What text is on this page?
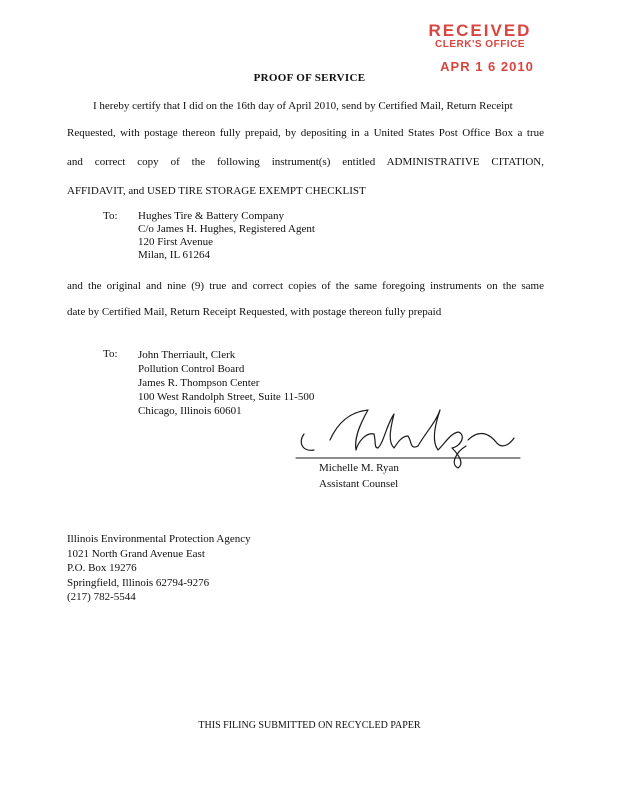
RECEIVED
CLERK'S OFFICE
APR 1 6 2010
PROOF OF SERVICE
I hereby certify that I did on the 16th day of April 2010, send by Certified Mail, Return Receipt
Requested, with postage thereon fully prepaid, by depositing in a United States Post Office Box a true
and correct copy of the following instrument(s) entitled ADMINISTRATIVE CITATION,
AFFIDAVIT, and USED TIRE STORAGE EXEMPT CHECKLIST
To: Hughes Tire & Battery Company
C/o James H. Hughes, Registered Agent
120 First Avenue
Milan, IL 61264
and the original and nine (9) true and correct copies of the same foregoing instruments on the same
date by Certified Mail, Return Receipt Requested, with postage thereon fully prepaid
To: John Therriault, Clerk
Pollution Control Board
James R. Thompson Center
100 West Randolph Street, Suite 11-500
Chicago, Illinois 60601
Michelle M. Ryan
Assistant Counsel
Illinois Environmental Protection Agency
1021 North Grand Avenue East
P.O. Box 19276
Springfield, Illinois 62794-9276
(217) 782-5544
THIS FILING SUBMITTED ON RECYCLED PAPER
